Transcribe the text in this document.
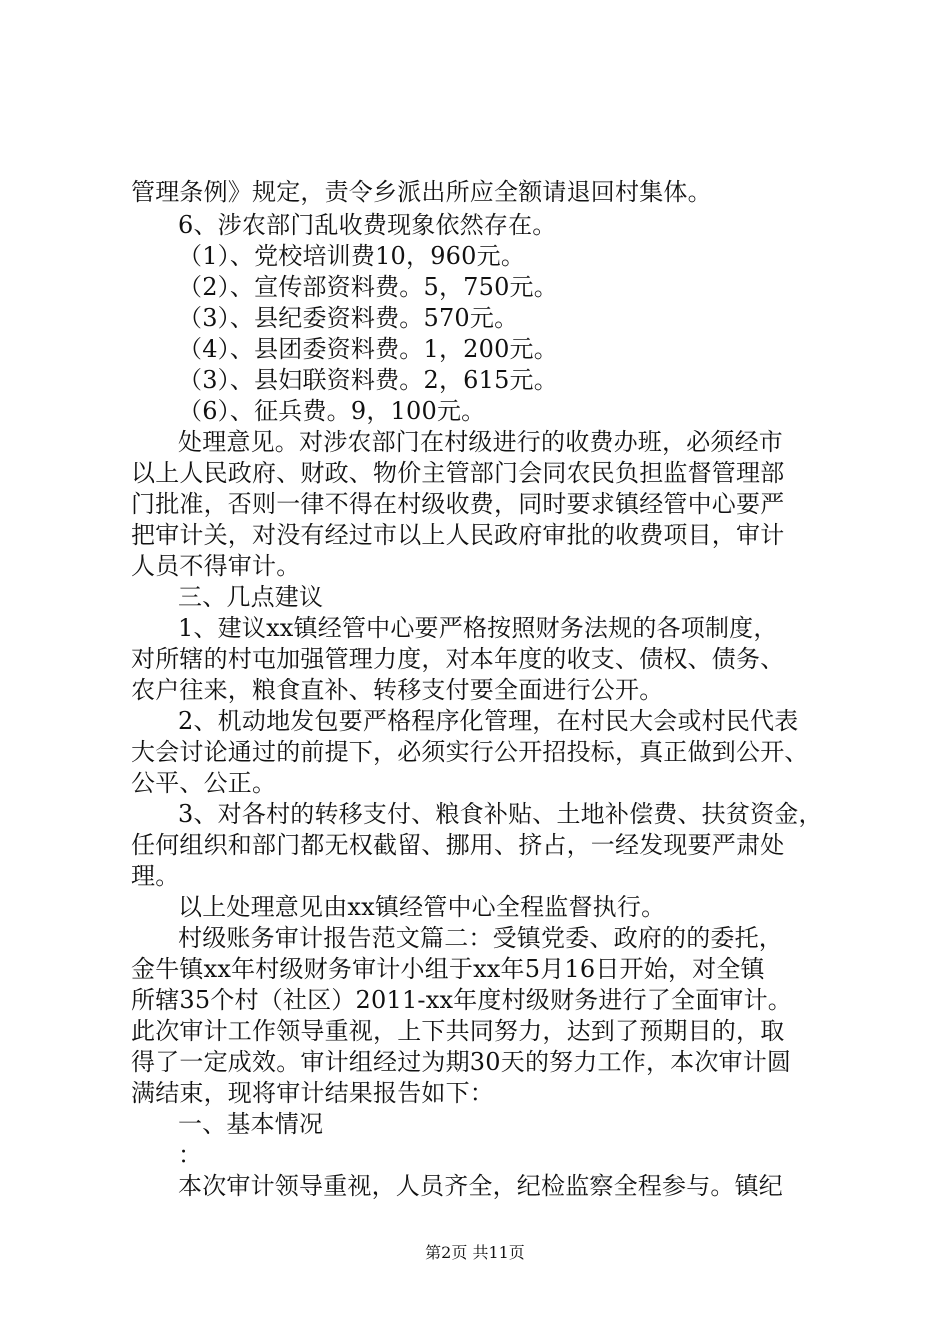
管理条例》规定，责令乡派出所应全额请退回村集体。
6、涉农部门乱收费现象依然存在。
（1）、党校培训费10，960元。
（2）、宣传部资料费。5，750元。
（3）、县纪委资料费。570元。
（4）、县团委资料费。1，200元。
（3）、县妇联资料费。2，615元。
（6）、征兵费。9，100元。
处理意见。对涉农部门在村级进行的收费办班，必须经市
以上人民政府、财政、物价主管部门会同农民负担监督管理部
门批准，否则一律不得在村级收费，同时要求镇经管中心要严
把审计关，对没有经过市以上人民政府审批的收费项目，审计
人员不得审计。
三、几点建议
1、建议xx镇经管中心要严格按照财务法规的各项制度，
对所辖的村屯加强管理力度，对本年度的收支、债权、债务、
农户往来，粮食直补、转移支付要全面进行公开。
2、机动地发包要严格程序化管理，在村民大会或村民代表
大会讨论通过的前提下，必须实行公开招投标，真正做到公开、
公平、公正。
3、对各村的转移支付、粮食补贴、土地补偿费、扶贫资金，
任何组织和部门都无权截留、挪用、挤占，一经发现要严肃处
理。
以上处理意见由xx镇经管中心全程监督执行。
村级账务审计报告范文篇二：受镇党委、政府的的委托，
金牛镇xx年村级财务审计小组于xx年5月16日开始，对全镇
所辖35个村（社区）2011-xx年度村级财务进行了全面审计。
此次审计工作领导重视，上下共同努力，达到了预期目的，取
得了一定成效。审计组经过为期30天的努力工作，本次审计圆
满结束，现将审计结果报告如下：
一、基本情况
：
本次审计领导重视，人员齐全，纪检监察全程参与。镇纪
第2页 共11页
